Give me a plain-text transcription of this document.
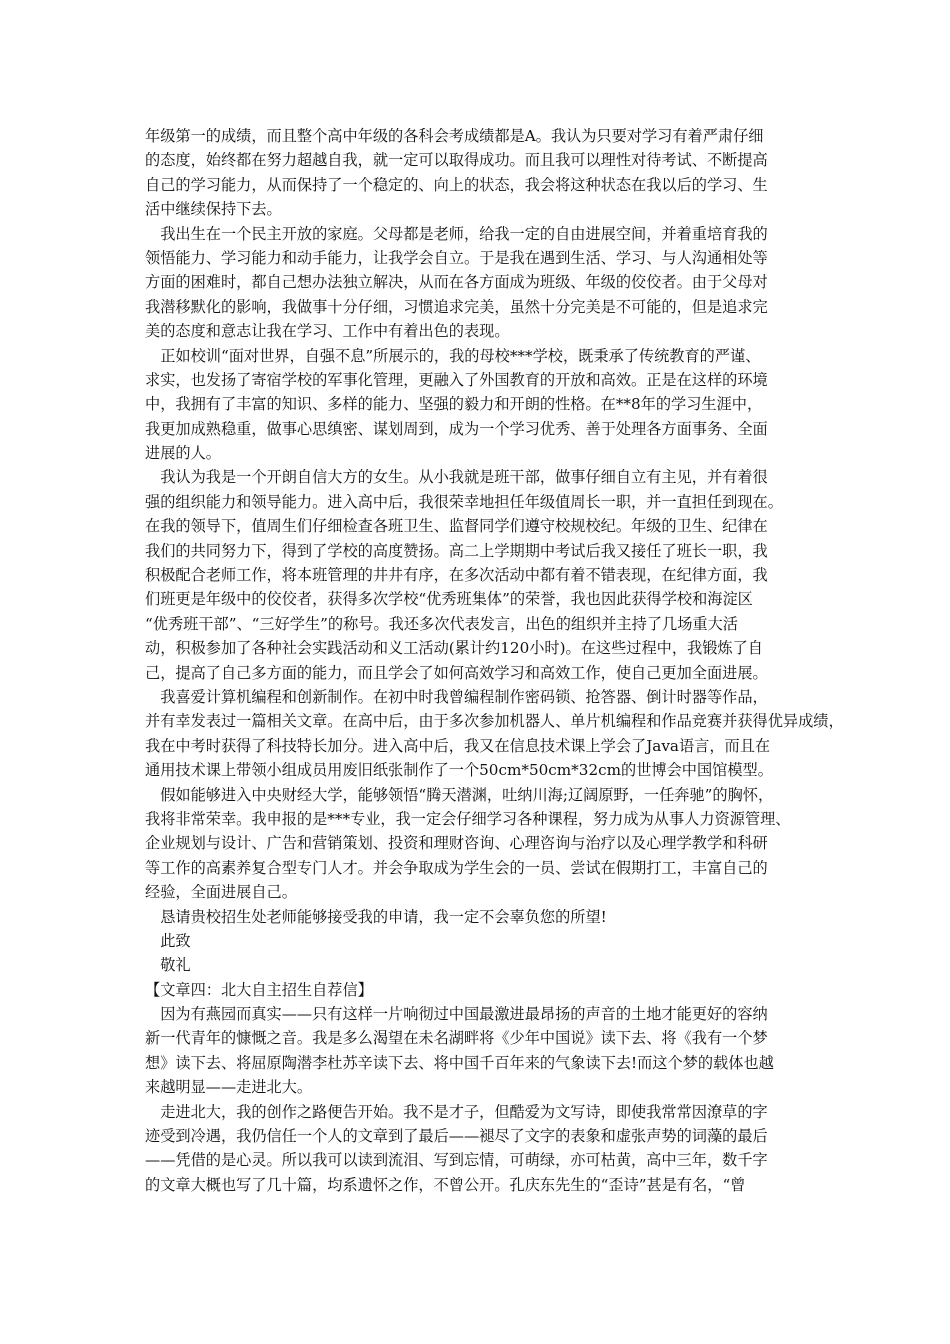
年级第一的成绩，而且整个高中年级的各科会考成绩都是A。我认为只要对学习有着严肃仔细
的态度，始终都在努力超越自我，就一定可以取得成功。而且我可以理性对待考试、不断提高
自己的学习能力，从而保持了一个稳定的、向上的状态，我会将这种状态在我以后的学习、生
活中继续保持下去。
　我出生在一个民主开放的家庭。父母都是老师，给我一定的自由进展空间，并着重培育我的
领悟能力、学习能力和动手能力，让我学会自立。于是我在遇到生活、学习、与人沟通相处等
方面的困难时，都自己想办法独立解决，从而在各方面成为班级、年级的佼佼者。由于父母对
我潜移默化的影响，我做事十分仔细，习惯追求完美，虽然十分完美是不可能的，但是追求完
美的态度和意志让我在学习、工作中有着出色的表现。
　正如校训“面对世界，自强不息”所展示的，我的母校***学校，既秉承了传统教育的严谨、
求实，也发扬了寄宿学校的军事化管理，更融入了外国教育的开放和高效。正是在这样的环境
中，我拥有了丰富的知识、多样的能力、坚强的毅力和开朗的性格。在**8年的学习生涯中，
我更加成熟稳重，做事心思缜密、谋划周到，成为一个学习优秀、善于处理各方面事务、全面
进展的人。
　我认为我是一个开朗自信大方的女生。从小我就是班干部，做事仔细自立有主见，并有着很
强的组织能力和领导能力。进入高中后，我很荣幸地担任年级值周长一职，并一直担任到现在。
在我的领导下，值周生们仔细检查各班卫生、监督同学们遵守校规校纪。年级的卫生、纪律在
我们的共同努力下，得到了学校的高度赞扬。高二上学期期中考试后我又接任了班长一职，我
积极配合老师工作，将本班管理的井井有序，在多次活动中都有着不错表现，在纪律方面，我
们班更是年级中的佼佼者，获得多次学校“优秀班集体”的荣誉，我也因此获得学校和海淀区
“优秀班干部”、“三好学生”的称号。我还多次代表发言，出色的组织并主持了几场重大活
动，积极参加了各种社会实践活动和义工活动(累计约120小时)。在这些过程中，我锻炼了自
己，提高了自己多方面的能力，而且学会了如何高效学习和高效工作，使自己更加全面进展。
　我喜爱计算机编程和创新制作。在初中时我曾编程制作密码锁、抢答器、倒计时器等作品，
并有幸发表过一篇相关文章。在高中后，由于多次参加机器人、单片机编程和作品竞赛并获得优异成绩，
我在中考时获得了科技特长加分。进入高中后，我又在信息技术课上学会了Java语言，而且在
通用技术课上带领小组成员用废旧纸张制作了一个50cm*50cm*32cm的世博会中国馆模型。
　假如能够进入中央财经大学，能够领悟“腾天潜渊，吐纳川海;辽阔原野，一任奔驰”的胸怀，
我将非常荣幸。我申报的是***专业，我一定会仔细学习各种课程，努力成为从事人力资源管理、
企业规划与设计、广告和营销策划、投资和理财咨询、心理咨询与治疗以及心理学教学和科研
等工作的高素养复合型专门人才。并会争取成为学生会的一员、尝试在假期打工，丰富自己的
经验，全面进展自己。
　恳请贵校招生处老师能够接受我的申请，我一定不会辜负您的所望!
　此致
　敬礼
【文章四：北大自主招生自荐信】
　因为有燕园而真实——只有这样一片响彻过中国最激进最昂扬的声音的土地才能更好的容纳
新一代青年的慷慨之音。我是多么渴望在未名湖畔将《少年中国说》读下去、将《我有一个梦
想》读下去、将屈原陶潜李杜苏辛读下去、将中国千百年来的气象读下去!而这个梦的载体也越
来越明显——走进北大。
　走进北大，我的创作之路便告开始。我不是才子，但酷爱为文写诗，即使我常常因潦草的字
迹受到冷遇，我仍信任一个人的文章到了最后——褪尽了文字的表象和虚张声势的词藻的最后
——凭借的是心灵。所以我可以读到流泪、写到忘情，可萌绿，亦可枯黄，高中三年，数千字
的文章大概也写了几十篇，均系遗怀之作，不曾公开。孔庆东先生的“歪诗”甚是有名，“曾
